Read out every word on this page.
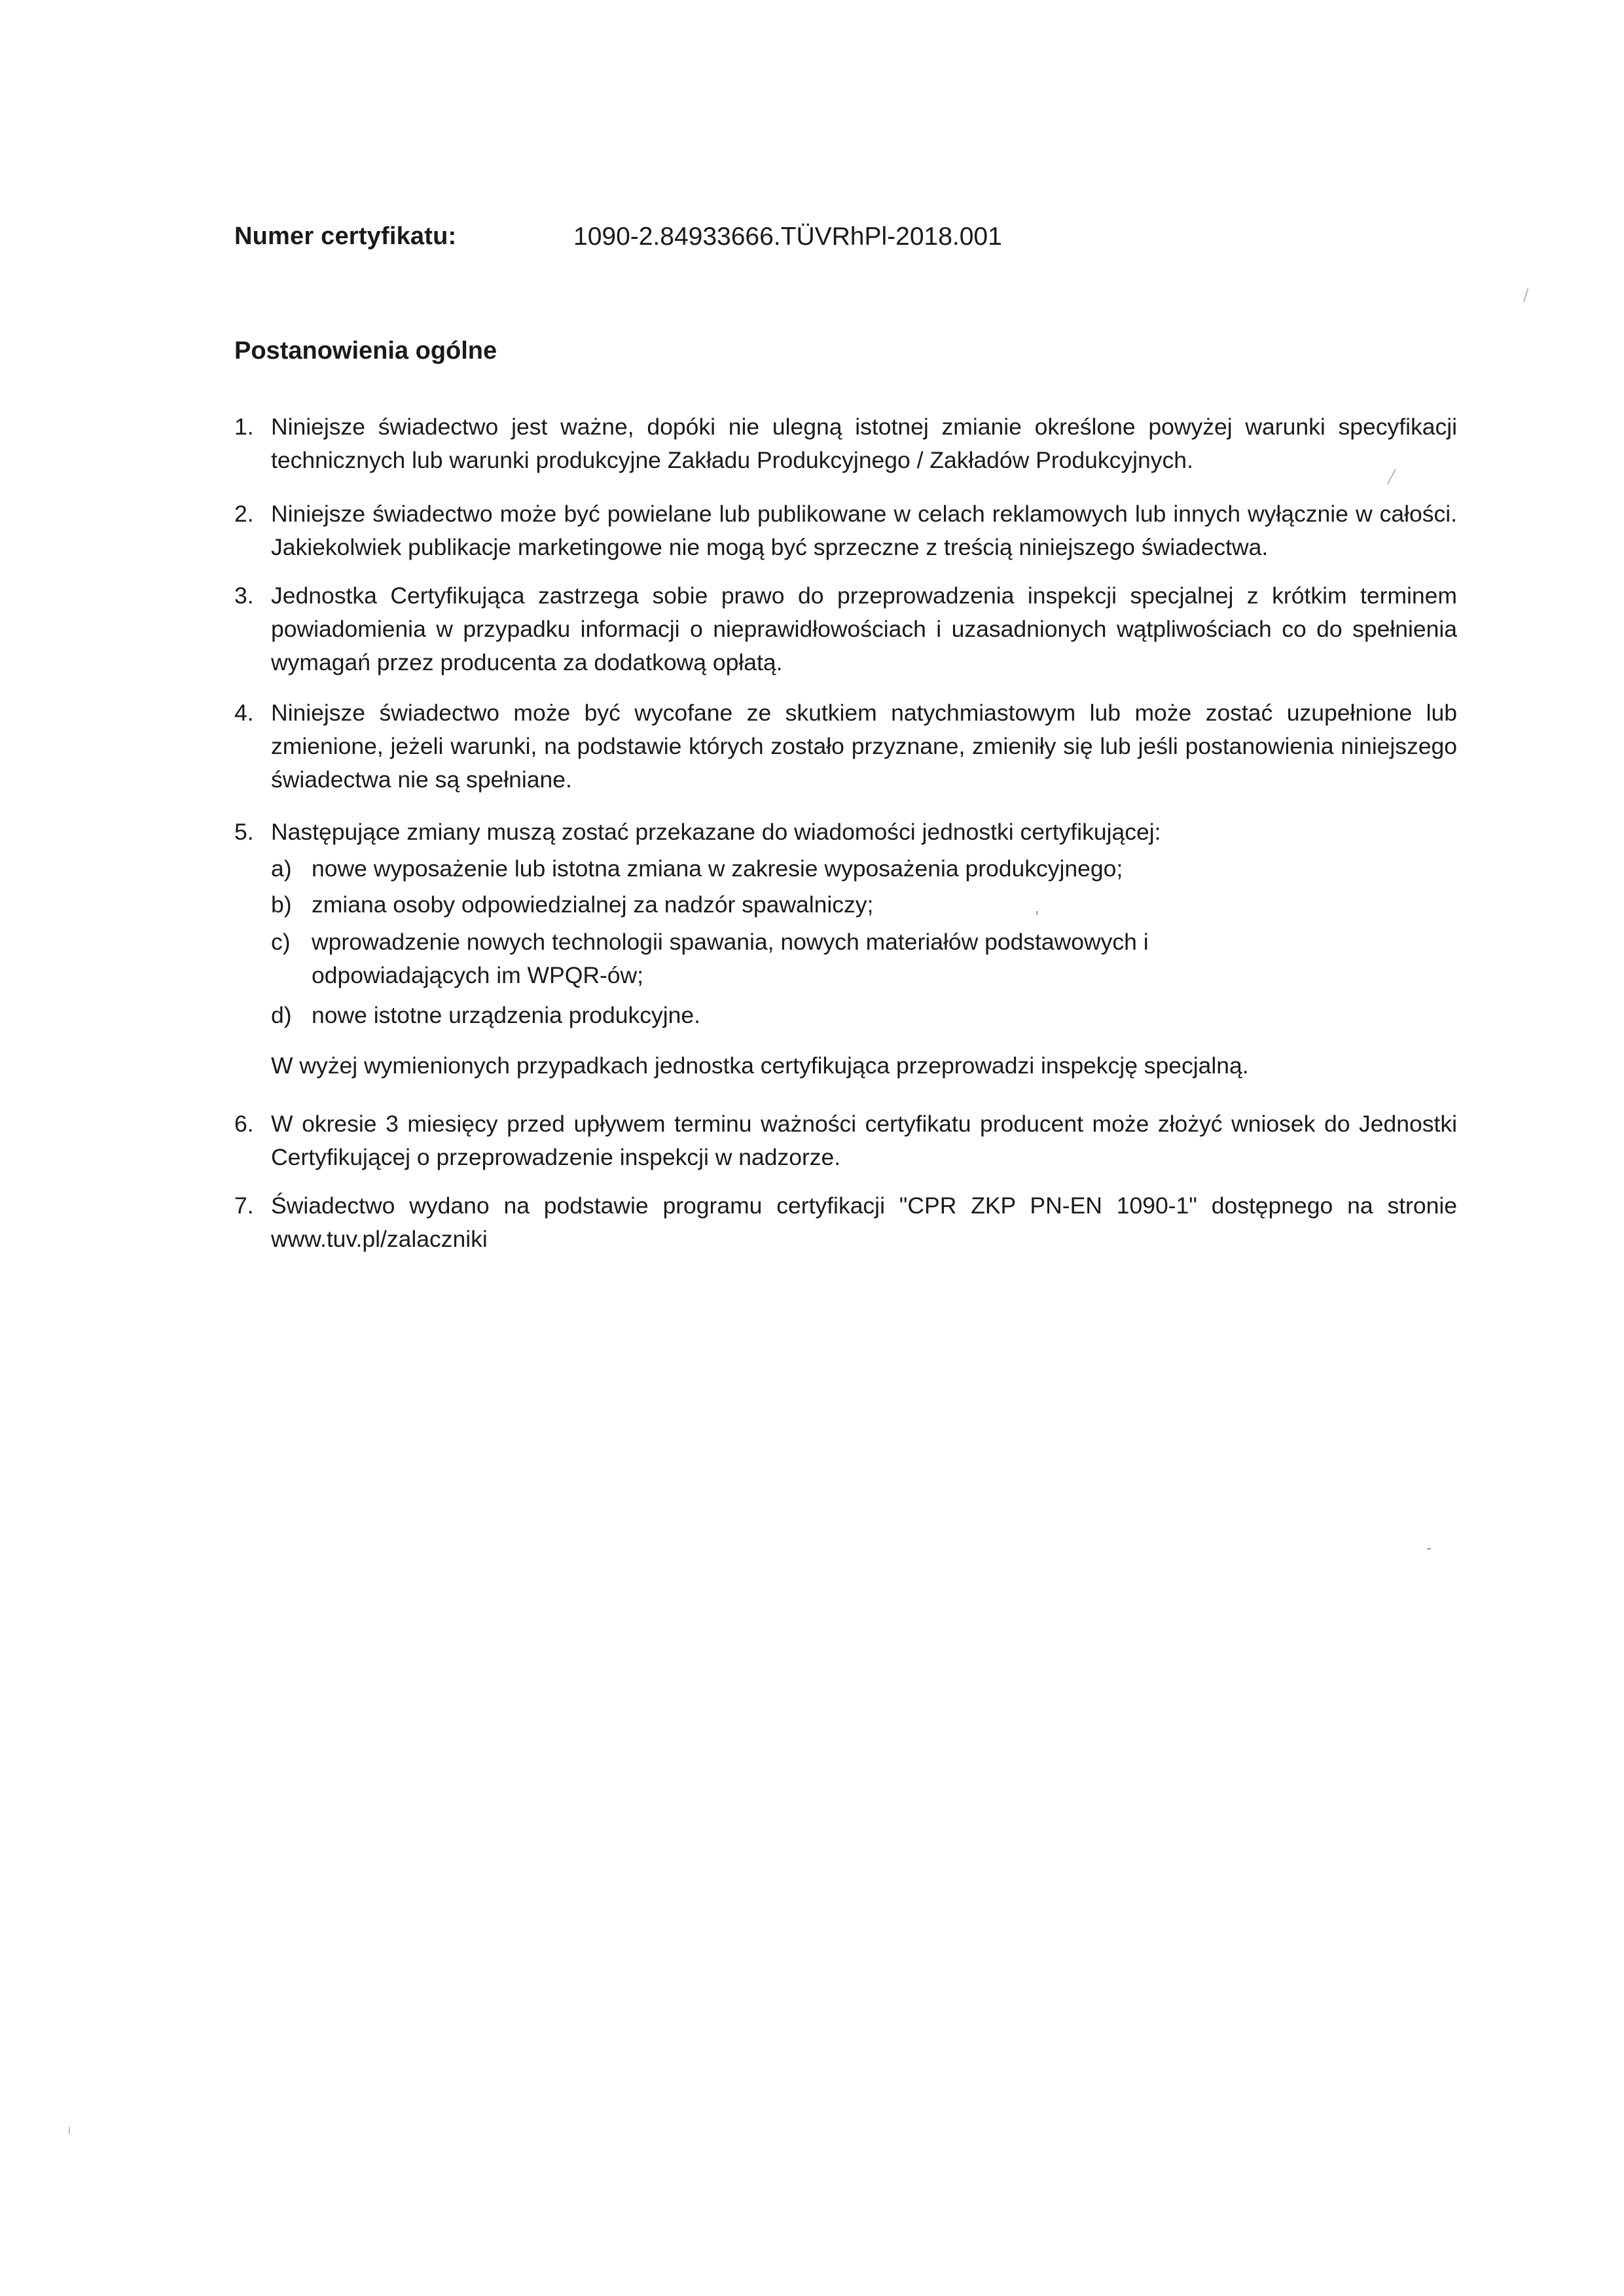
Numer certyfikatu:	1090-2.84933666.TÜVRhPl-2018.001
Postanowienia ogólne
1. Niniejsze świadectwo jest ważne, dopóki nie ulegną istotnej zmianie określone powyżej warunki specyfikacji technicznych lub warunki produkcyjne Zakładu Produkcyjnego / Zakładów Produkcyjnych.
2. Niniejsze świadectwo może być powielane lub publikowane w celach reklamowych lub innych wyłącznie w całości. Jakiekolwiek publikacje marketingowe nie mogą być sprzeczne z treścią niniejszego świadectwa.
3. Jednostka Certyfikująca zastrzega sobie prawo do przeprowadzenia inspekcji specjalnej z krótkim terminem powiadomienia w przypadku informacji o nieprawidłowościach i uzasadnionych wątpliwościach co do spełnienia wymagań przez producenta za dodatkową opłatą.
4. Niniejsze świadectwo może być wycofane ze skutkiem natychmiastowym lub może zostać uzupełnione lub zmienione, jeżeli warunki, na podstawie których zostało przyznane, zmieniły się lub jeśli postanowienia niniejszego świadectwa nie są spełniane.
5. Następujące zmiany muszą zostać przekazane do wiadomości jednostki certyfikującej:
a) nowe wyposażenie lub istotna zmiana w zakresie wyposażenia produkcyjnego;
b) zmiana osoby odpowiedzialnej za nadzór spawalniczy;
c) wprowadzenie nowych technologii spawania, nowych materiałów podstawowych i odpowiadających im WPQR-ów;
d) nowe istotne urządzenia produkcyjne.
W wyżej wymienionych przypadkach jednostka certyfikująca przeprowadzi inspekcję specjalną.
6. W okresie 3 miesięcy przed upływem terminu ważności certyfikatu producent może złożyć wniosek do Jednostki Certyfikującej o przeprowadzenie inspekcji w nadzorze.
7. Świadectwo wydano na podstawie programu certyfikacji "CPR ZKP PN-EN 1090-1" dostępnego na stronie www.tuv.pl/zalaczniki
